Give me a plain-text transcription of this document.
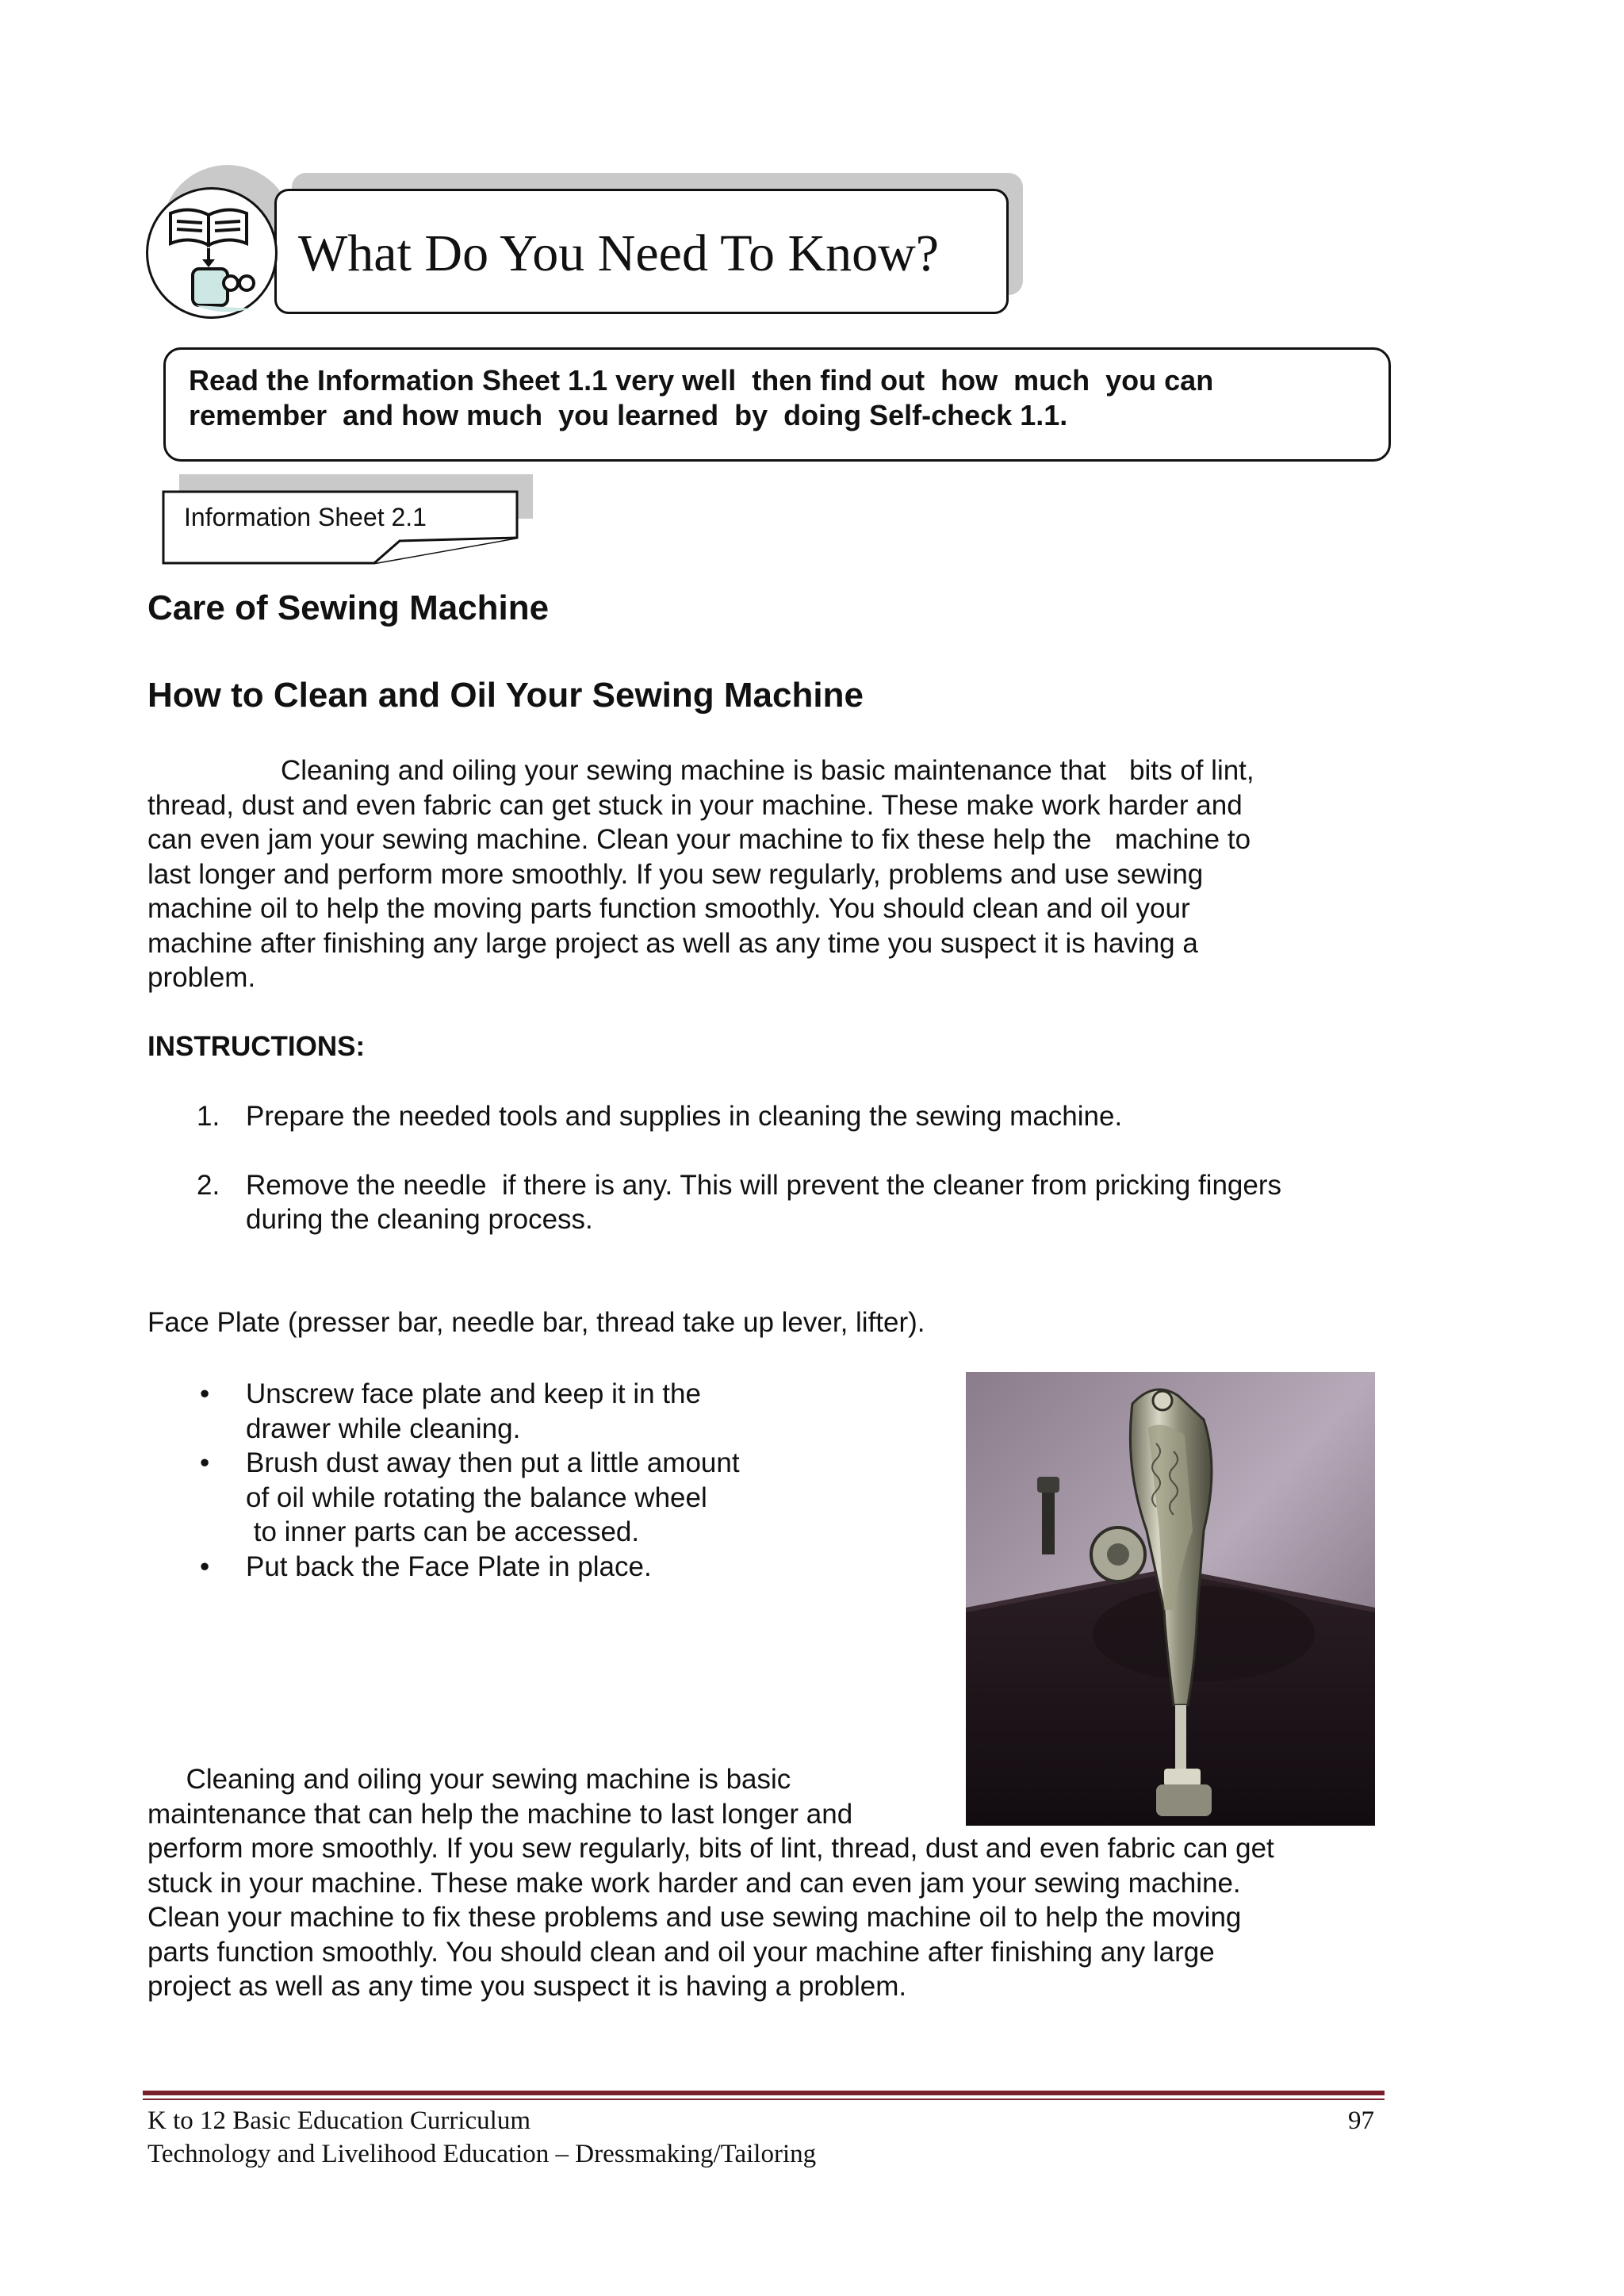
What Do You Need To Know?
Read the Information Sheet 1.1 very well  then find out  how  much  you can
remember  and how much  you learned  by  doing Self-check 1.1.
Information Sheet 2.1
Care of Sewing Machine
How to Clean and Oil Your Sewing Machine
Cleaning and oiling your sewing machine is basic maintenance that   bits of lint,
thread, dust and even fabric can get stuck in your machine. These make work harder and
can even jam your sewing machine. Clean your machine to fix these help the   machine to
last longer and perform more smoothly. If you sew regularly, problems and use sewing
machine oil to help the moving parts function smoothly. You should clean and oil your
machine after finishing any large project as well as any time you suspect it is having a
problem.
INSTRUCTIONS:
1. Prepare the needed tools and supplies in cleaning the sewing machine.
2. Remove the needle  if there is any. This will prevent the cleaner from pricking fingers
during the cleaning process.
Face Plate (presser bar, needle bar, thread take up lever, lifter).
• Unscrew face plate and keep it in the
drawer while cleaning.
• Brush dust away then put a little amount
of oil while rotating the balance wheel
to inner parts can be accessed.
• Put back the Face Plate in place.
Cleaning and oiling your sewing machine is basic
maintenance that can help the machine to last longer and
perform more smoothly. If you sew regularly, bits of lint, thread, dust and even fabric can get
stuck in your machine. These make work harder and can even jam your sewing machine.
Clean your machine to fix these problems and use sewing machine oil to help the moving
parts function smoothly. You should clean and oil your machine after finishing any large
project as well as any time you suspect it is having a problem.
K to 12 Basic Education Curriculum
Technology and Livelihood Education – Dressmaking/Tailoring
97
